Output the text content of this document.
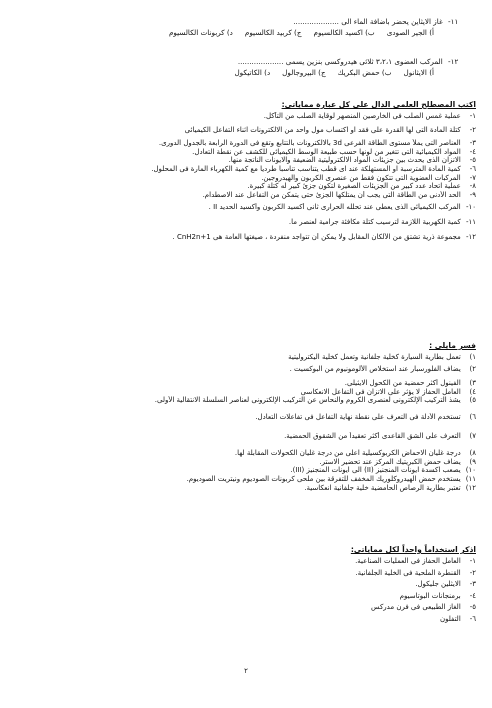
١١- غاز الايثاين يحضر باضافة الماء الى ....................
أ) الجير الصودى
ب) اكسيد الكالسيوم
ج) كربيد الكالسيوم
د) كربونات الكالسيوم
١٢- المركب العضوى ٣،٢،١ ثلاثى هيدروكسى بنزين يسمى ....................
أ) الايثانول
ب) حمض البكريك
ج) البيروجالول
د) الكاتيكول
اكتب المصطلح العلمى الدال على كل عبارة مماياتى:
١- عملية غمس الصلب فى الخارصين المنصهر لوقاية الصلب من التآكل.
٢- كتلة المادة التى لها القدرة على فقد او اكتساب مول واحد من الالكترونات اثناء التفاعل الكيميائى
٣- العناصر التى يملأ مستوى الطاقة الفرعى 3d بالالكترونات بالتتابع وتقع فى الدورة الرابعة بالجدول الدورى.
٤- المواد الكيميائية التى تتغير من لونها حسب طبيعة الوسط الكيميائى للكشف عن نقطة التعادل.
٥- الاتزان الذى يحدث بين جزيئات المواد الالكتروليتية الضعيفة والايونات الناتجة منها.
٦- كمية المادة المترسبة او المستهلكة عند اى قطب يتناسب تناسبا طرديا مع كمية الكهرباء المارة فى المحلول.
٧- المركبات العضوية التى تتكون فقط من عنصرى الكربون والهيدروجين.
٨- عملية اتحاد عدد كبير من الجزيئات الصغيرة لتكون جزئ كبير له كتلة كبيرة.
٩- الحد الأدنى من الطاقة التى يجب أن يمتلكها الجزئ حتى يتمكن من التفاعل عند الاصطدام.
١٠- المركب الكيميائى الذى يعطى عند تحلله الحرارى ثانى أكسيد الكربون وأكسيد الحديد II .
١١- كمية الكهربية اللازمة لترسيب كتلة مكافئة جرامية لعنصر ما.
١٢- مجموعة ذرية تشتق من الألكان المقابل ولا يمكن أن تتواجد منفردة ، صيغتها العامة هى CnH2n+1 .
فسر مايلى :
١) تعمل بطارية السيارة كخلية جلفانية وتعمل كخلية اليكتروليتية
٢) يضاف الفلورسبار عند استخلاص الألومونيوم من البوكسيت .
٣) الفينول أكثر حمضية من الكحول الايثيلى.
٤) العامل الحفاز لا يؤثر على الاتزان فى التفاعل الانعكاسى
٥) يشذ التركيب الإلكترونى لعنصرى الكروم والنحاس عن التركيب الإلكترونى لعناصر السلسلة الانتقالية الأولى.
٦) تستخدم الأدلة فى التعرف على نقطة نهاية التفاعل فى تفاعلات التعادل.
٧) التعرف على الشق القاعدى أكثر تعقيداً من الشقوق الحمضية.
٨) درجة غليان الاحماض الكربوكسيلية اعلى من درجة غليان الكحولات المقابلة لها.
٩) يضاف حمض الكبريتيك المركز عند تحضير الاستر.
١٠) يصعب اكسدة ايونات المنجنيز (II) الى ايونات المنجنيز (III).
١١) يستخدم حمض الهيدروكلوريك المخفف للتفرقة بين ملحى كربونات الصوديوم ونيتريت الصوديوم.
١٢) تعتبر بطارية الرصاص الحامضية خلية جلفانية انعكاسية.
اذكر استخداماً واحداً لكل مماياتى:
١- العامل الحفاز فى العمليات الصناعية.
٢- القنطرة الملحية فى الخلية الجلفانية.
٣- الايثلين جليكول.
٤- برمنجانات البوتاسيوم
٥- الغاز الطبيعى فى فرن مدركس
٦- التفلون
٢
